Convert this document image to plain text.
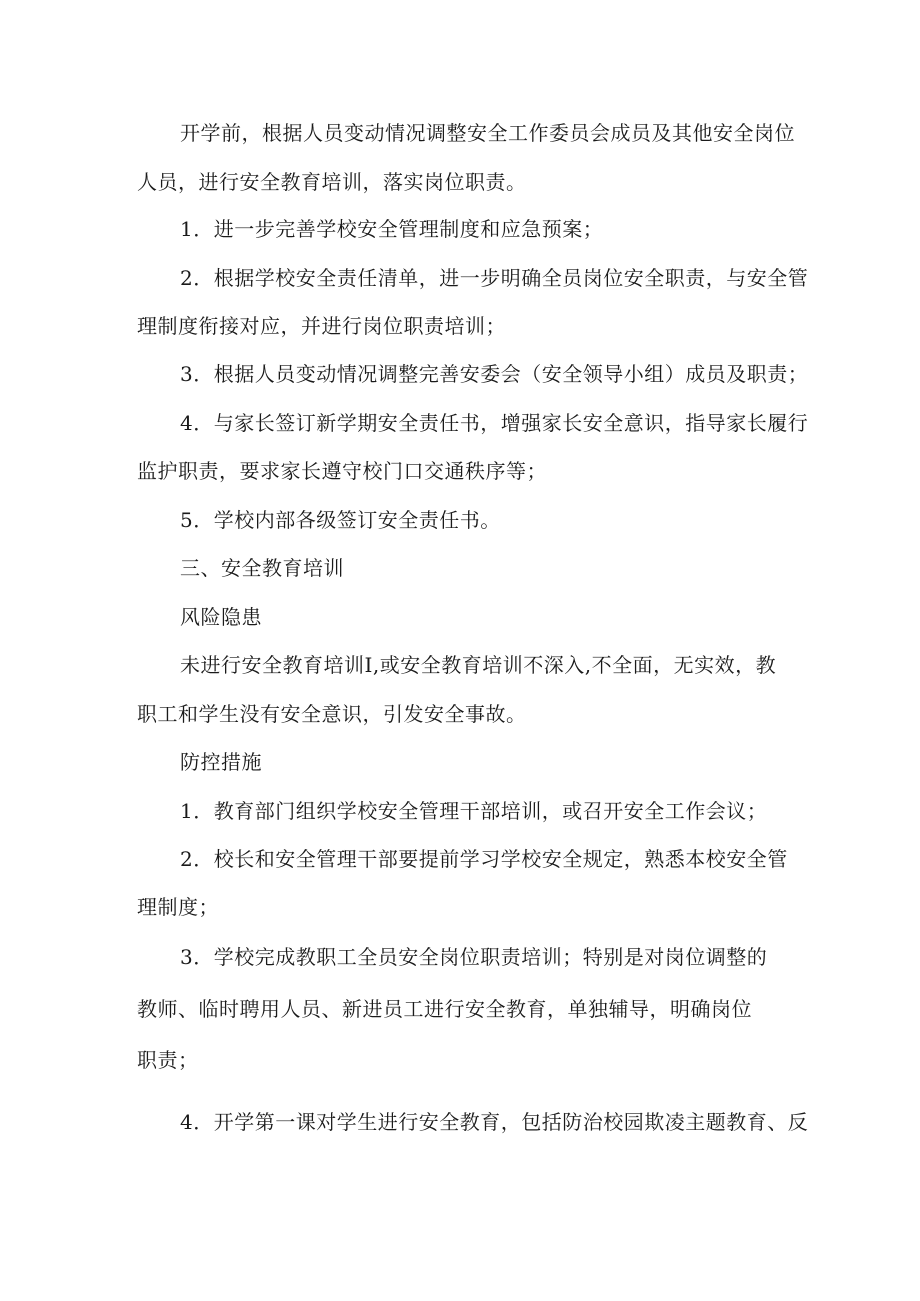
开学前，根据人员变动情况调整安全工作委员会成员及其他安全岗位
人员，进行安全教育培训，落实岗位职责。
1．进一步完善学校安全管理制度和应急预案；
2．根据学校安全责任清单，进一步明确全员岗位安全职责，与安全管
理制度衔接对应，并进行岗位职责培训；
3．根据人员变动情况调整完善安委会（安全领导小组）成员及职责；
4．与家长签订新学期安全责任书，增强家长安全意识，指导家长履行
监护职责，要求家长遵守校门口交通秩序等；
5．学校内部各级签订安全责任书。
三、安全教育培训
风险隐患
未进行安全教育培训I,或安全教育培训不深入,不全面，无实效，教
职工和学生没有安全意识，引发安全事故。
防控措施
1．教育部门组织学校安全管理干部培训，或召开安全工作会议；
2．校长和安全管理干部要提前学习学校安全规定，熟悉本校安全管
理制度；
3．学校完成教职工全员安全岗位职责培训；特别是对岗位调整的
教师、临时聘用人员、新进员工进行安全教育，单独辅导，明确岗位
职责；
4．开学第一课对学生进行安全教育，包括防治校园欺凌主题教育、反
